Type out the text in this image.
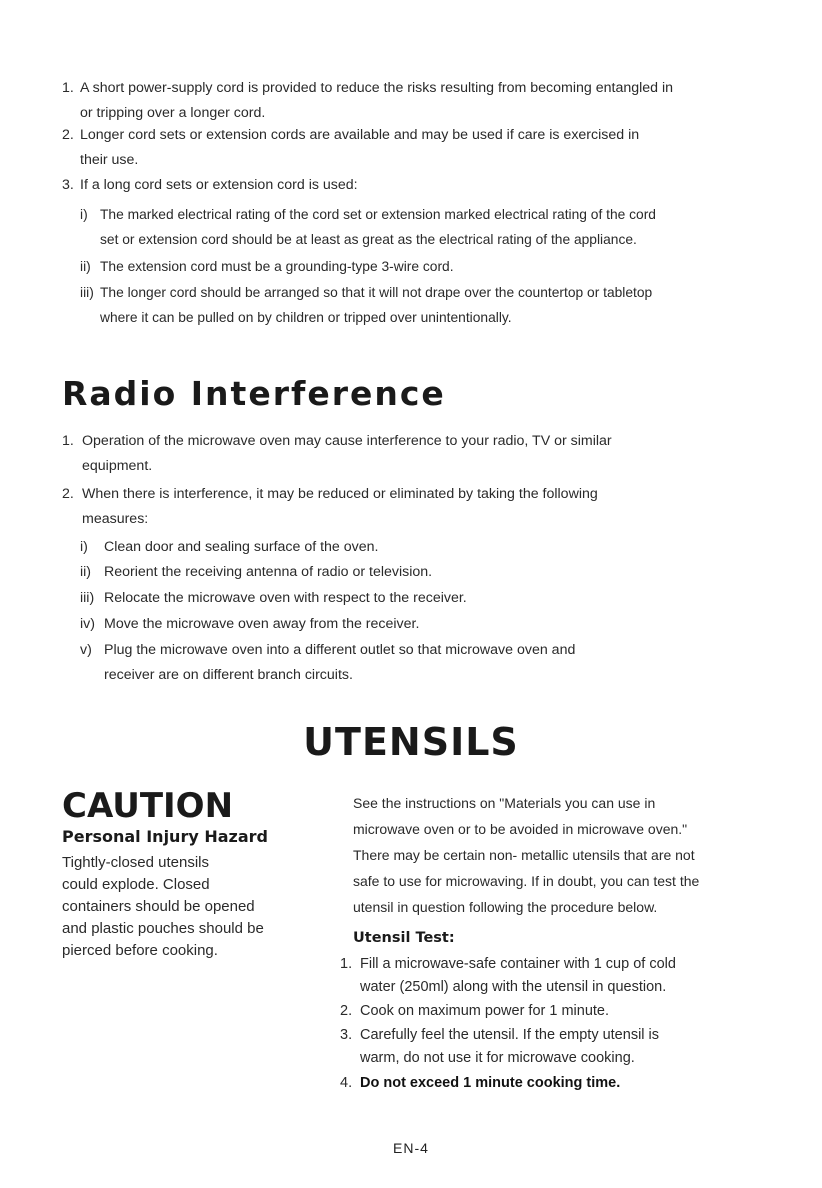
1. A short power-supply cord is provided to reduce the risks resulting from becoming entangled in
or tripping over a longer cord.
2. Longer cord sets or extension cords are available and may be used if care is exercised in
their use.
3. If a long cord sets or extension cord is used:
i) The marked electrical rating of the cord set or extension marked electrical rating of the cord
set or extension cord should be at least as great as the electrical rating of the appliance.
ii) The extension cord must be a grounding-type 3-wire cord.
iii) The longer cord should be arranged so that it will not drape over the countertop or tabletop
where it can be pulled on by children or tripped over unintentionally.
Radio Interference
1. Operation of the microwave oven may cause interference to your radio, TV or similar
equipment.
2. When there is interference, it may be reduced or eliminated by taking the following
measures:
i)	Clean door and sealing surface of the oven.
ii) Reorient the receiving antenna of radio or television.
iii) Relocate the microwave oven with respect to the receiver.
iv) Move the microwave oven away from the receiver.
v) Plug the microwave oven into a different outlet so that microwave oven and
receiver are on different branch circuits.
UTENSILS
CAUTION
Personal Injury Hazard
Tightly-closed utensils
could explode. Closed
containers should be opened
and plastic pouches should be
pierced before cooking.
See the instructions on "Materials you can use in
microwave oven or to be avoided in microwave oven."
There may be certain non- metallic utensils that are not
safe to use for microwaving. If in doubt, you can test the
utensil in question following the procedure below.
Utensil Test:
1. Fill a microwave-safe container with 1 cup of cold
water (250ml) along with the utensil in question.
2. Cook on maximum power for 1 minute.
3. Carefully feel the utensil. If the empty utensil is
warm, do not use it for microwave cooking.
4. Do not exceed 1 minute cooking time.
EN-4
